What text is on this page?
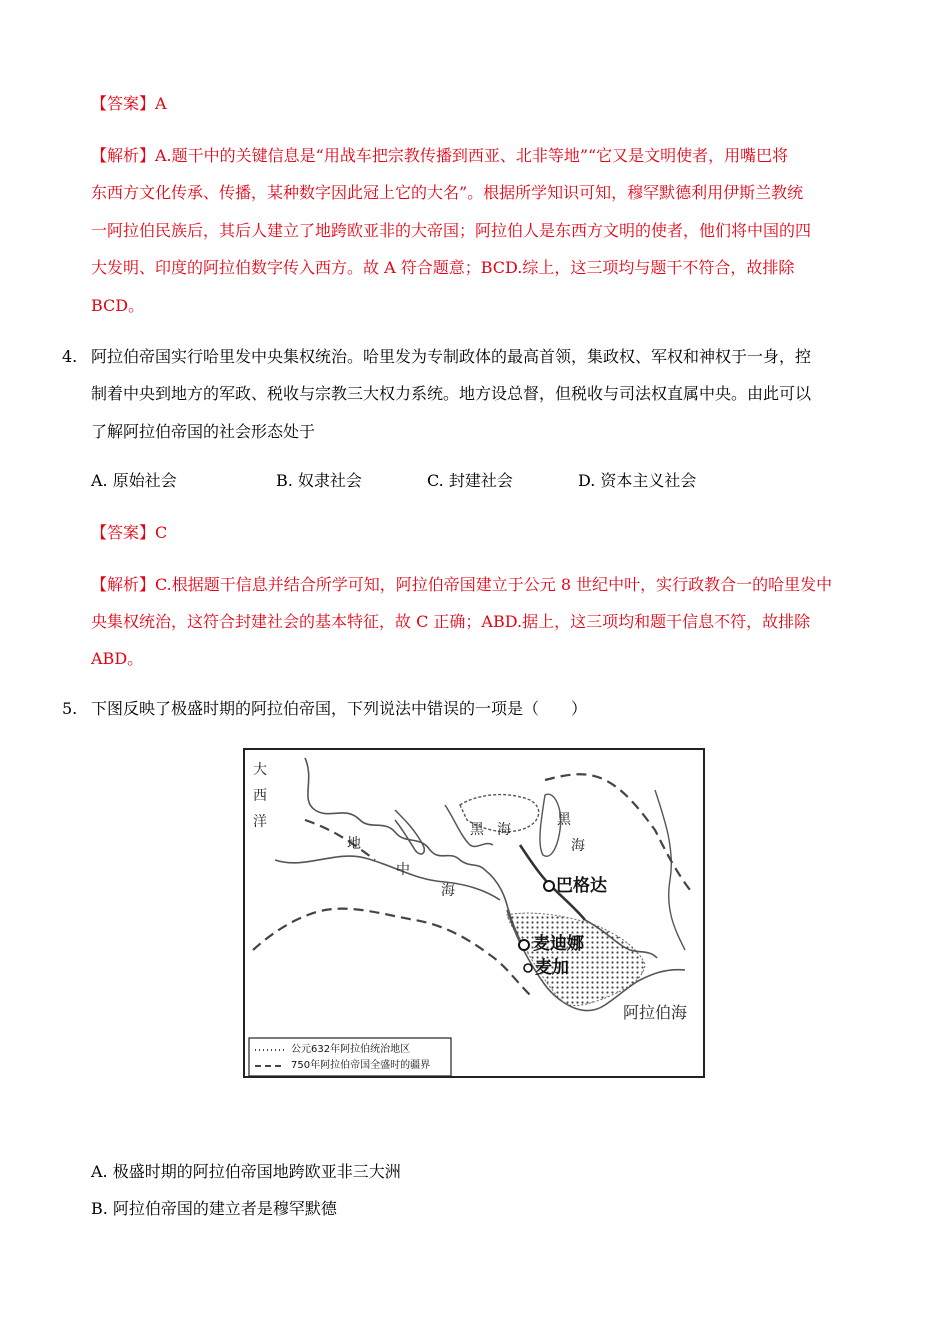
【答案】A
【解析】A.题干中的关键信息是“用战车把宗教传播到西亚、北非等地”“它又是文明使者，用嘴巴将
东西方文化传承、传播，某种数字因此冠上它的大名”。根据所学知识可知，穆罕默德利用伊斯兰教统
一阿拉伯民族后，其后人建立了地跨欧亚非的大帝国；阿拉伯人是东西方文明的使者，他们将中国的四
大发明、印度的阿拉伯数字传入西方。故 A 符合题意；BCD.综上，这三项均与题干不符合，故排除
BCD。
4. 阿拉伯帝国实行哈里发中央集权统治。哈里发为专制政体的最高首领，集政权、军权和神权于一身，控
制着中央到地方的军政、税收与宗教三大权力系统。地方设总督，但税收与司法权直属中央。由此可以
了解阿拉伯帝国的社会形态处于
A. 原始社会	B. 奴隶社会	C. 封建社会	D. 资本主义社会
【答案】C
【解析】C.根据题干信息并结合所学可知，阿拉伯帝国建立于公元 8 世纪中叶，实行政教合一的哈里发中
央集权统治，这符合封建社会的基本特征，故 C 正确；ABD.据上，这三项均和题干信息不符，故排除
ABD。
5. 下图反映了极盛时期的阿拉伯帝国，下列说法中错误的一项是（　　）
大
西
洋
地
中
海
黑 海
黑
海
巴格达
麦迪娜
麦加
阿拉伯海
公元632年阿拉伯统治地区
750年阿拉伯帝国全盛时的疆界
A. 极盛时期的阿拉伯帝国地跨欧亚非三大洲
B. 阿拉伯帝国的建立者是穆罕默德
